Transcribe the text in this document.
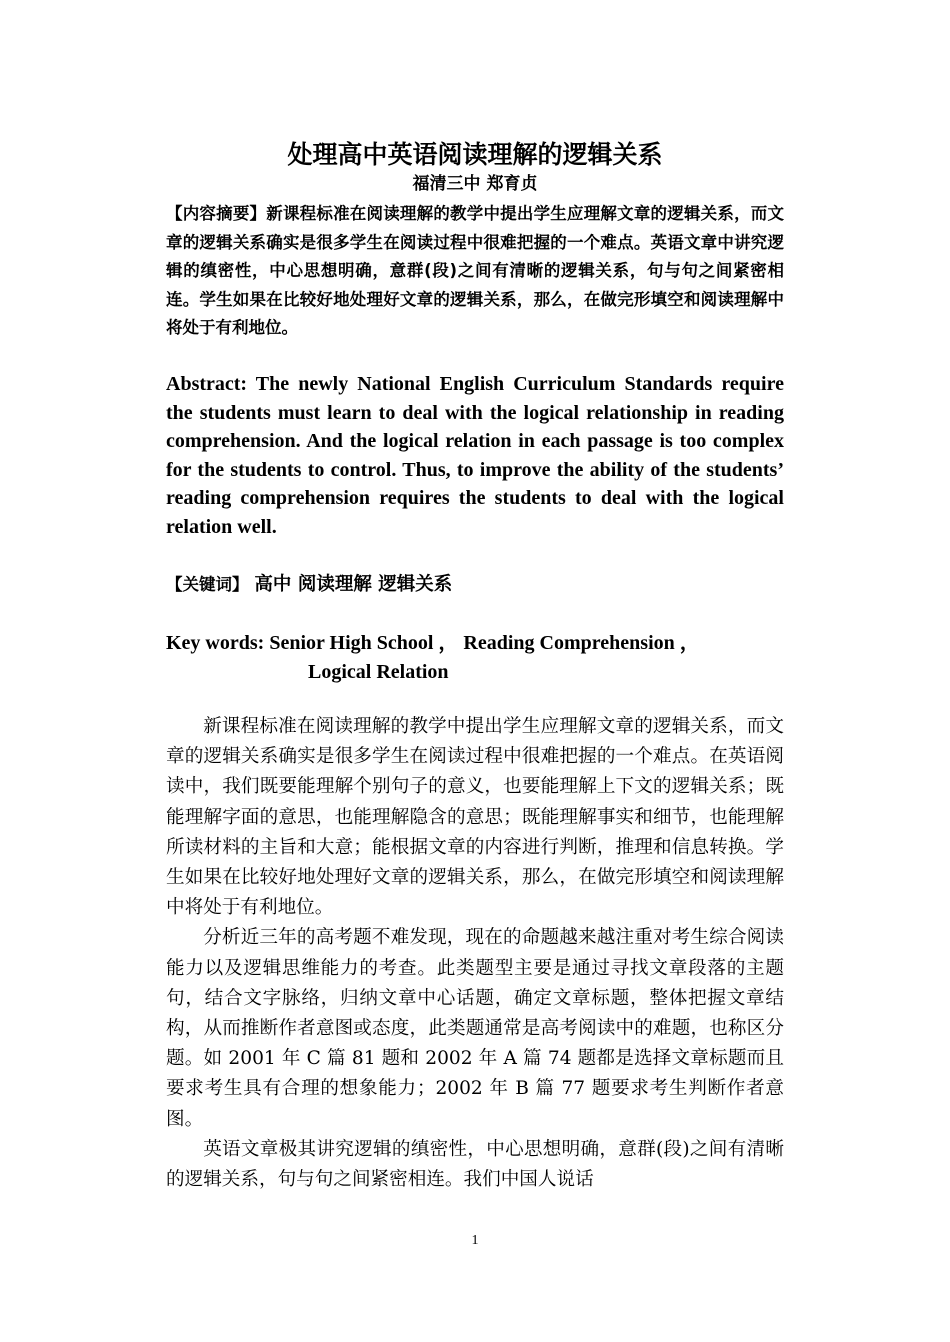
处理高中英语阅读理解的逻辑关系
福清三中 郑育贞
【内容摘要】新课程标准在阅读理解的教学中提出学生应理解文章的逻辑关系，而文章的逻辑关系确实是很多学生在阅读过程中很难把握的一个难点。英语文章中讲究逻辑的缜密性，中心思想明确，意群(段)之间有清晰的逻辑关系，句与句之间紧密相连。学生如果在比较好地处理好文章的逻辑关系，那么，在做完形填空和阅读理解中将处于有利地位。
Abstract: The newly National English Curriculum Standards require the students must learn to deal with the logical relationship in reading comprehension. And the logical relation in each passage is too complex for the students to control. Thus, to improve the ability of the students’ reading comprehension requires the students to deal with the logical relation well.
【关键词】 高中 阅读理解 逻辑关系
Key words: Senior High School ， Reading Comprehension ，
Logical Relation

新课程标准在阅读理解的教学中提出学生应理解文章的逻辑关系，而文章的逻辑关系确实是很多学生在阅读过程中很难把握的一个难点。在英语阅读中，我们既要能理解个别句子的意义，也要能理解上下文的逻辑关系；既能理解字面的意思，也能理解隐含的意思；既能理解事实和细节，也能理解所读材料的主旨和大意；能根据文章的内容进行判断，推理和信息转换。学生如果在比较好地处理好文章的逻辑关系，那么，在做完形填空和阅读理解中将处于有利地位。

分析近三年的高考题不难发现，现在的命题越来越注重对考生综合阅读能力以及逻辑思维能力的考查。此类题型主要是通过寻找文章段落的主题句，结合文字脉络，归纳文章中心话题，确定文章标题，整体把握文章结构，从而推断作者意图或态度，此类题通常是高考阅读中的难题，也称区分题。如 2001 年 C 篇 81 题和 2002 年 A 篇 74 题都是选择文章标题而且要求考生具有合理的想象能力；2002 年 B 篇 77 题要求考生判断作者意图。

英语文章极其讲究逻辑的缜密性，中心思想明确，意群(段)之间有清晰的逻辑关系，句与句之间紧密相连。我们中国人说话

1
